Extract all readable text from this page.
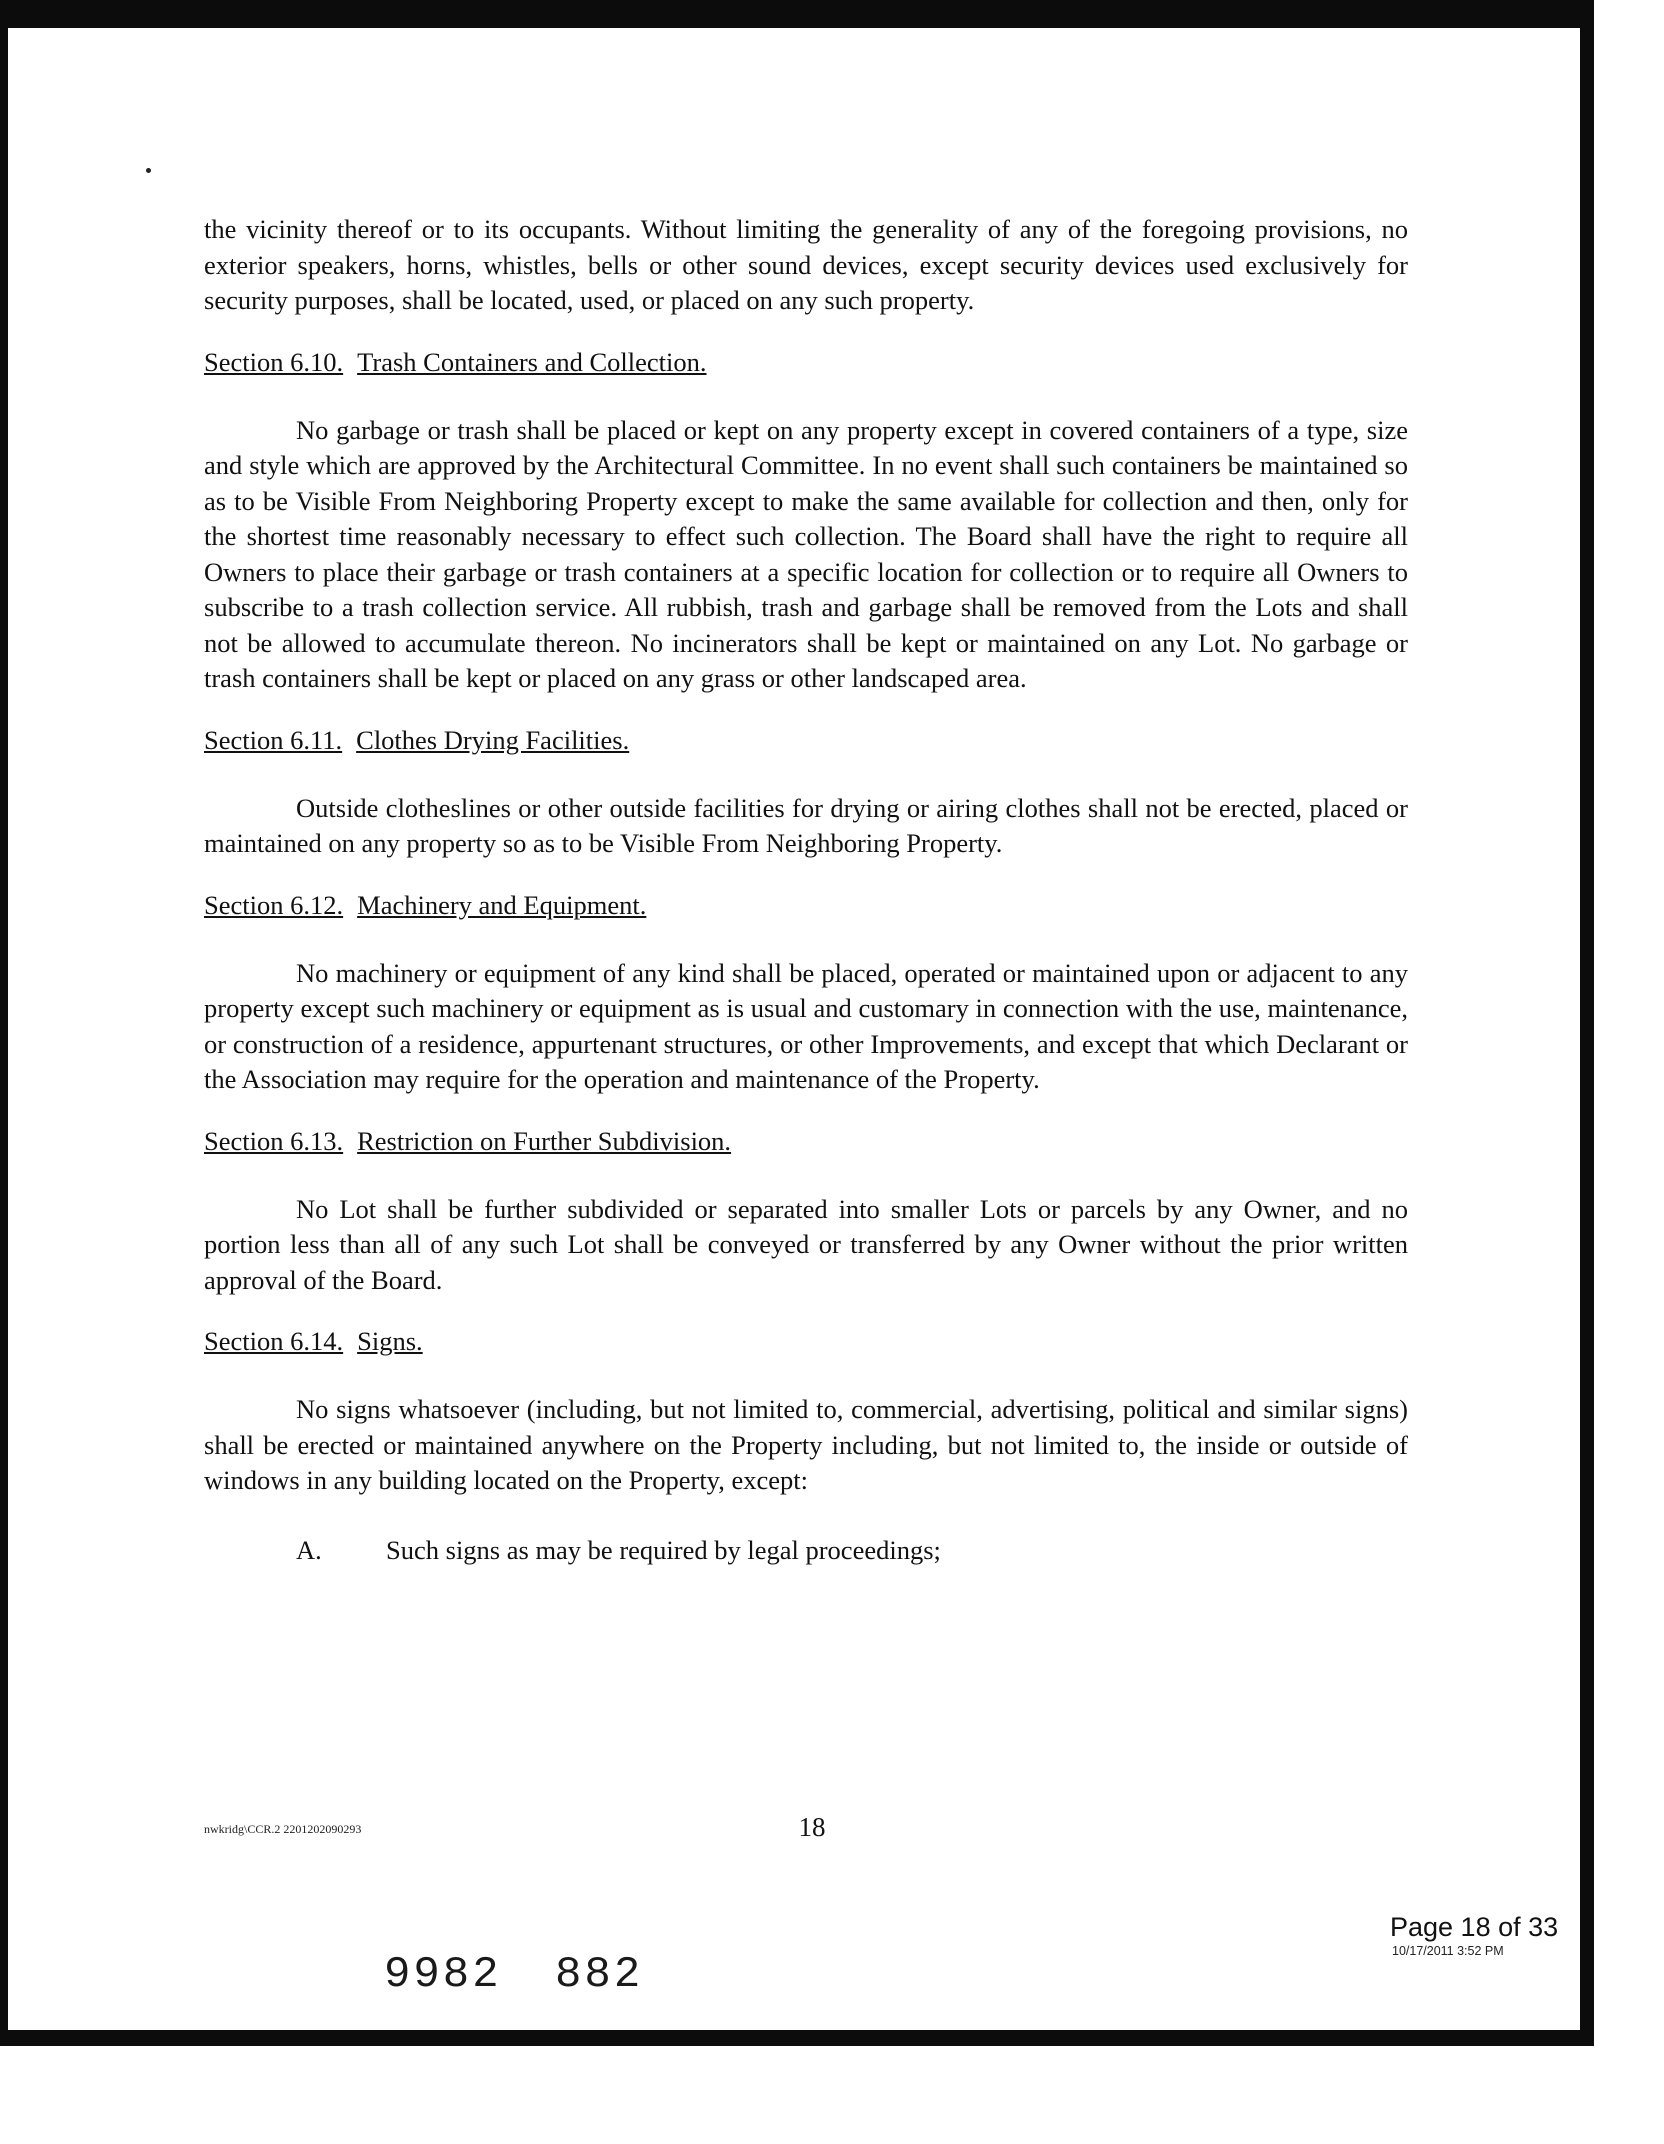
the vicinity thereof or to its occupants. Without limiting the generality of any of the foregoing provisions, no exterior speakers, horns, whistles, bells or other sound devices, except security devices used exclusively for security purposes, shall be located, used, or placed on any such property.

Section 6.10. Trash Containers and Collection.

No garbage or trash shall be placed or kept on any property except in covered containers of a type, size and style which are approved by the Architectural Committee. In no event shall such containers be maintained so as to be Visible From Neighboring Property except to make the same available for collection and then, only for the shortest time reasonably necessary to effect such collection. The Board shall have the right to require all Owners to place their garbage or trash containers at a specific location for collection or to require all Owners to subscribe to a trash collection service. All rubbish, trash and garbage shall be removed from the Lots and shall not be allowed to accumulate thereon. No incinerators shall be kept or maintained on any Lot. No garbage or trash containers shall be kept or placed on any grass or other landscaped area.

Section 6.11. Clothes Drying Facilities.

Outside clotheslines or other outside facilities for drying or airing clothes shall not be erected, placed or maintained on any property so as to be Visible From Neighboring Property.

Section 6.12. Machinery and Equipment.

No machinery or equipment of any kind shall be placed, operated or maintained upon or adjacent to any property except such machinery or equipment as is usual and customary in connection with the use, maintenance, or construction of a residence, appurtenant structures, or other Improvements, and except that which Declarant or the Association may require for the operation and maintenance of the Property.

Section 6.13. Restriction on Further Subdivision.

No Lot shall be further subdivided or separated into smaller Lots or parcels by any Owner, and no portion less than all of any such Lot shall be conveyed or transferred by any Owner without the prior written approval of the Board.

Section 6.14. Signs.

No signs whatsoever (including, but not limited to, commercial, advertising, political and similar signs) shall be erected or maintained anywhere on the Property including, but not limited to, the inside or outside of windows in any building located on the Property, except:

A.	Such signs as may be required by legal proceedings;
nwkridg\CCR.2 2201202090293	18
Page 18 of 33
10/17/2011 3:52 PM
9982 882
